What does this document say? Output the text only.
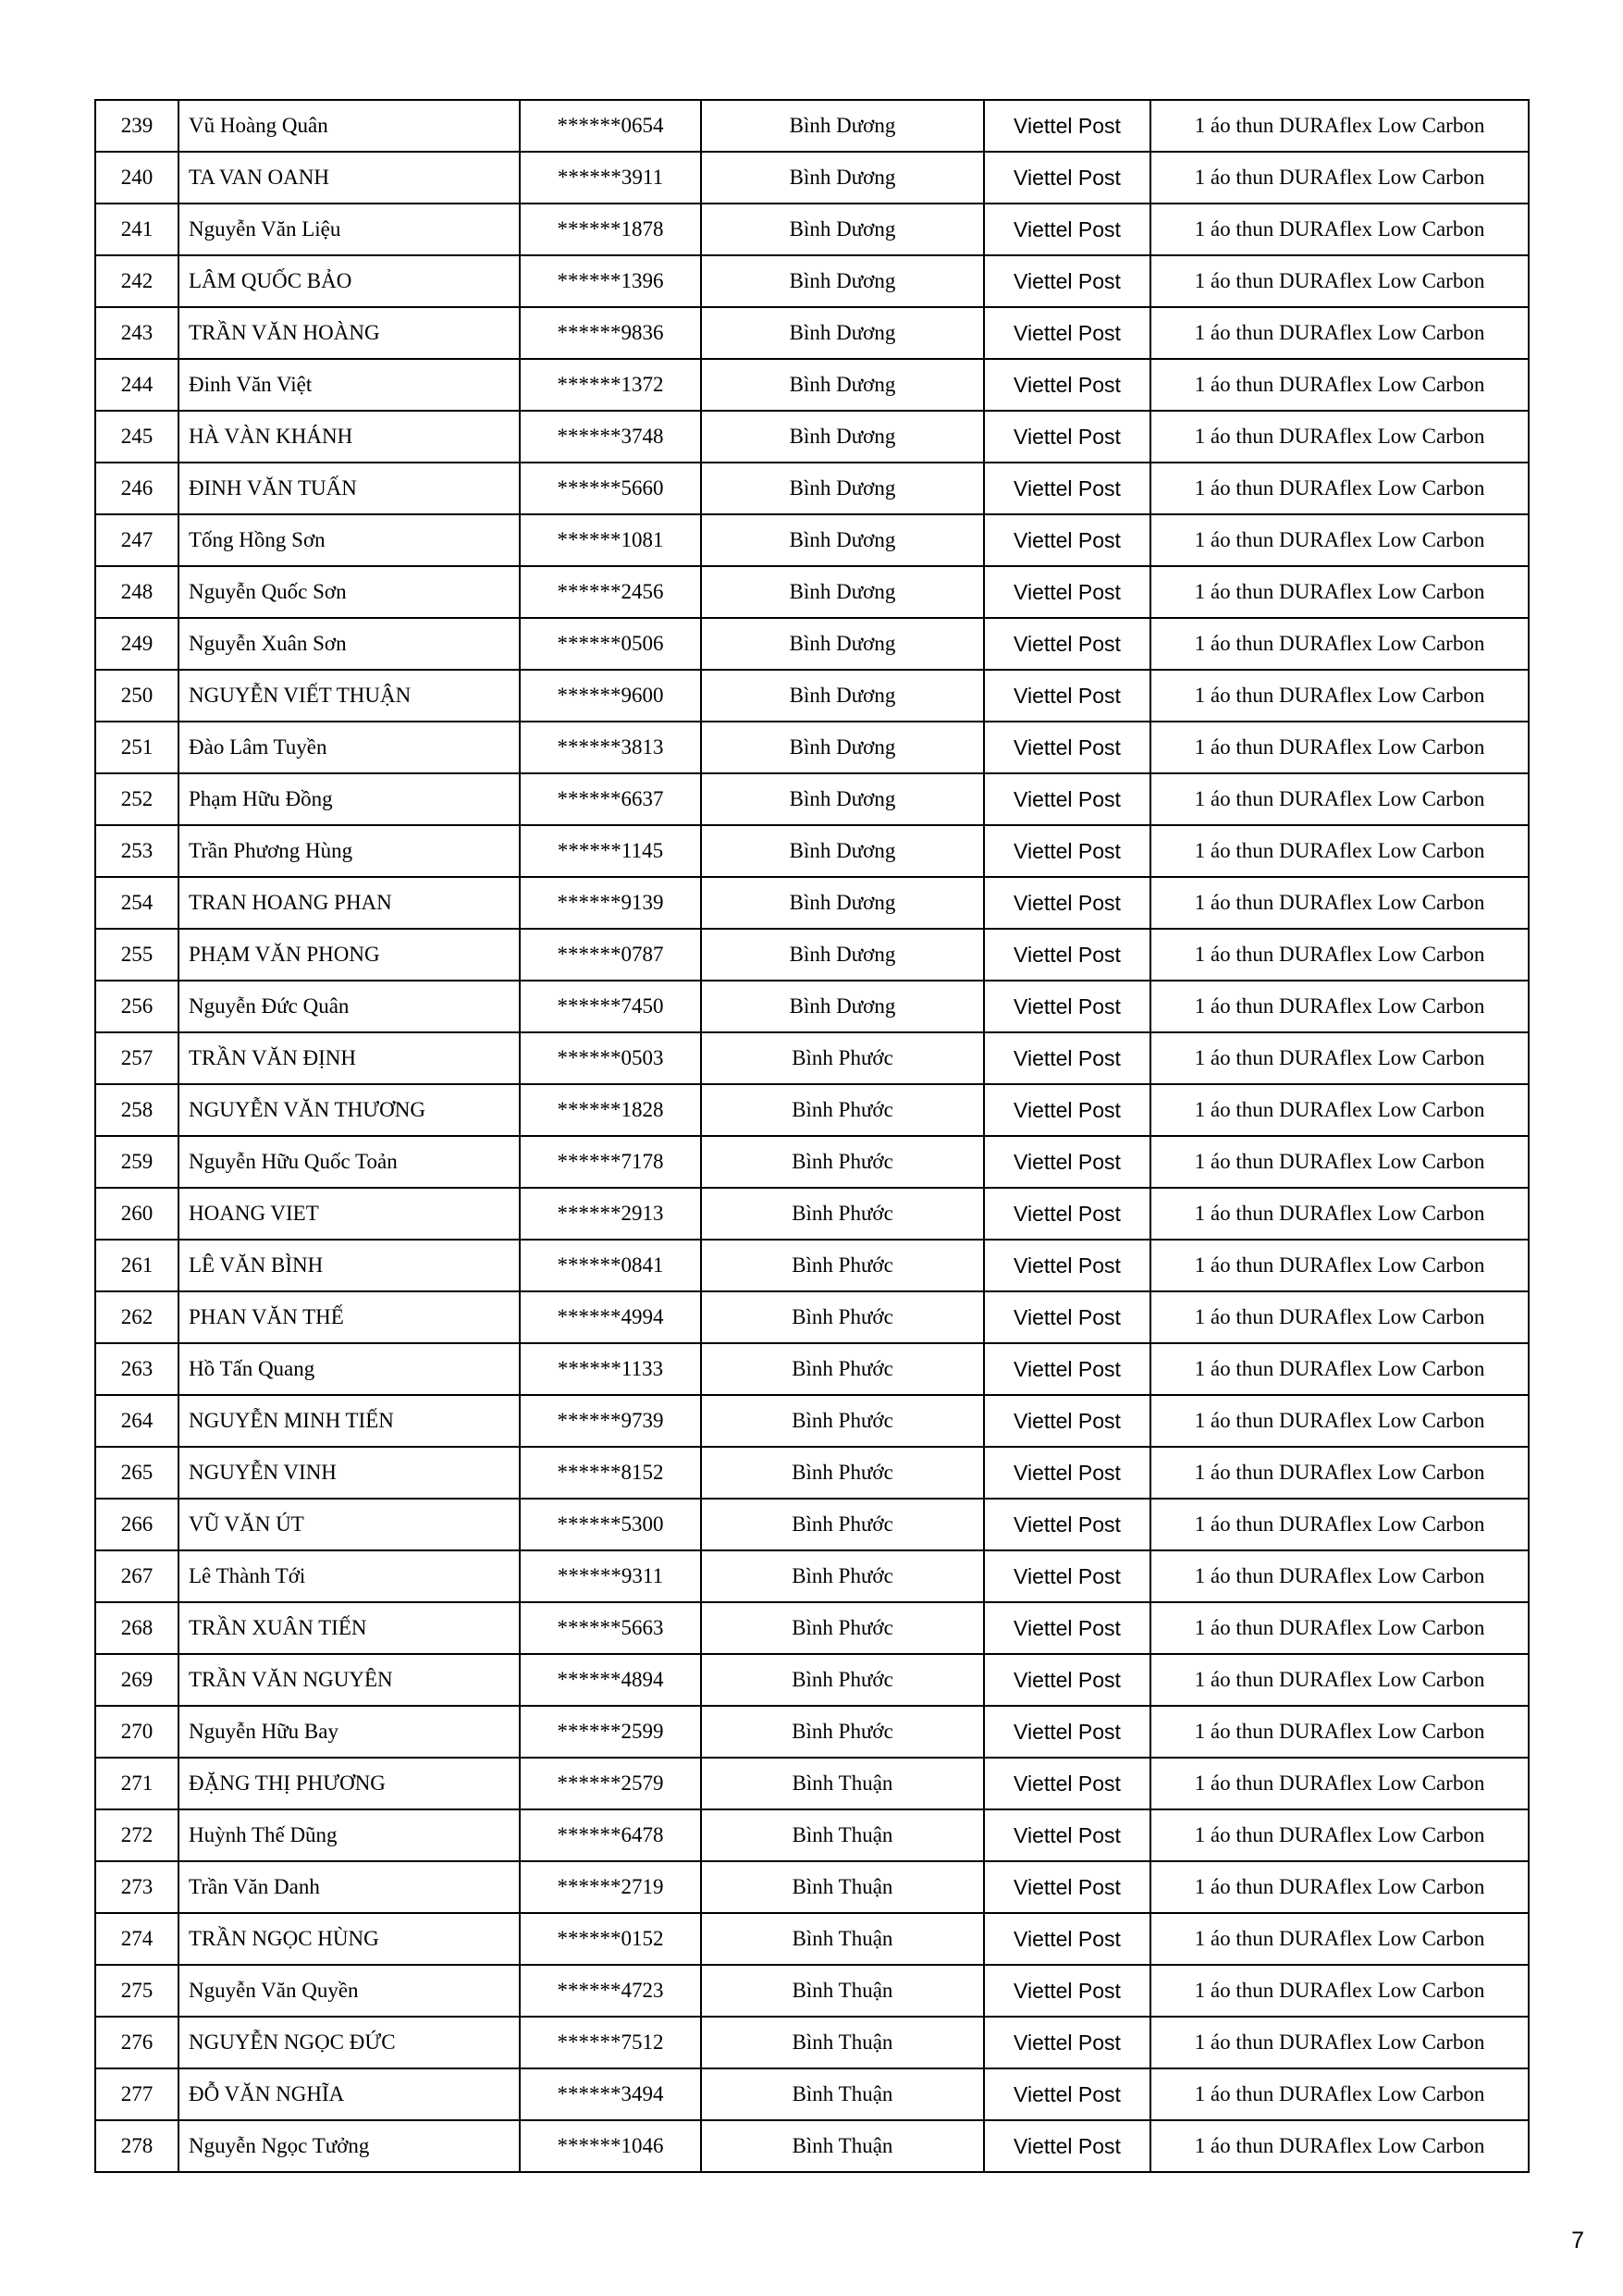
239	Vũ Hoàng Quân	******0654	Bình Dương	Viettel Post	1 áo thun DURAflex Low Carbon
240	TA VAN OANH	******3911	Bình Dương	Viettel Post	1 áo thun DURAflex Low Carbon
241	Nguyễn Văn Liệu	******1878	Bình Dương	Viettel Post	1 áo thun DURAflex Low Carbon
242	LÂM QUỐC BẢO	******1396	Bình Dương	Viettel Post	1 áo thun DURAflex Low Carbon
243	TRẦN VĂN HOÀNG	******9836	Bình Dương	Viettel Post	1 áo thun DURAflex Low Carbon
244	Đinh Văn Việt	******1372	Bình Dương	Viettel Post	1 áo thun DURAflex Low Carbon
245	HÀ VÀN KHÁNH	******3748	Bình Dương	Viettel Post	1 áo thun DURAflex Low Carbon
246	ĐINH VĂN TUẤN	******5660	Bình Dương	Viettel Post	1 áo thun DURAflex Low Carbon
247	Tống Hồng Sơn	******1081	Bình Dương	Viettel Post	1 áo thun DURAflex Low Carbon
248	Nguyễn Quốc Sơn	******2456	Bình Dương	Viettel Post	1 áo thun DURAflex Low Carbon
249	Nguyễn Xuân Sơn	******0506	Bình Dương	Viettel Post	1 áo thun DURAflex Low Carbon
250	NGUYỄN VIẾT THUẬN	******9600	Bình Dương	Viettel Post	1 áo thun DURAflex Low Carbon
251	Đào Lâm Tuyền	******3813	Bình Dương	Viettel Post	1 áo thun DURAflex Low Carbon
252	Phạm Hữu Đồng	******6637	Bình Dương	Viettel Post	1 áo thun DURAflex Low Carbon
253	Trần Phương Hùng	******1145	Bình Dương	Viettel Post	1 áo thun DURAflex Low Carbon
254	TRAN HOANG PHAN	******9139	Bình Dương	Viettel Post	1 áo thun DURAflex Low Carbon
255	PHẠM VĂN PHONG	******0787	Bình Dương	Viettel Post	1 áo thun DURAflex Low Carbon
256	Nguyễn Đức Quân	******7450	Bình Dương	Viettel Post	1 áo thun DURAflex Low Carbon
257	TRẦN VĂN ĐỊNH	******0503	Bình Phước	Viettel Post	1 áo thun DURAflex Low Carbon
258	NGUYỄN VĂN THƯƠNG	******1828	Bình Phước	Viettel Post	1 áo thun DURAflex Low Carbon
259	Nguyễn Hữu Quốc Toản	******7178	Bình Phước	Viettel Post	1 áo thun DURAflex Low Carbon
260	HOANG VIET	******2913	Bình Phước	Viettel Post	1 áo thun DURAflex Low Carbon
261	LÊ VĂN BÌNH	******0841	Bình Phước	Viettel Post	1 áo thun DURAflex Low Carbon
262	PHAN VĂN THẾ	******4994	Bình Phước	Viettel Post	1 áo thun DURAflex Low Carbon
263	Hồ Tấn Quang	******1133	Bình Phước	Viettel Post	1 áo thun DURAflex Low Carbon
264	NGUYỄN MINH TIẾN	******9739	Bình Phước	Viettel Post	1 áo thun DURAflex Low Carbon
265	NGUYỄN VINH	******8152	Bình Phước	Viettel Post	1 áo thun DURAflex Low Carbon
266	VŨ VĂN ÚT	******5300	Bình Phước	Viettel Post	1 áo thun DURAflex Low Carbon
267	Lê Thành Tới	******9311	Bình Phước	Viettel Post	1 áo thun DURAflex Low Carbon
268	TRẦN XUÂN TIẾN	******5663	Bình Phước	Viettel Post	1 áo thun DURAflex Low Carbon
269	TRẦN VĂN NGUYÊN	******4894	Bình Phước	Viettel Post	1 áo thun DURAflex Low Carbon
270	Nguyễn Hữu Bay	******2599	Bình Phước	Viettel Post	1 áo thun DURAflex Low Carbon
271	ĐẶNG THỊ PHƯƠNG	******2579	Bình Thuận	Viettel Post	1 áo thun DURAflex Low Carbon
272	Huỳnh Thế Dũng	******6478	Bình Thuận	Viettel Post	1 áo thun DURAflex Low Carbon
273	Trần Văn Danh	******2719	Bình Thuận	Viettel Post	1 áo thun DURAflex Low Carbon
274	TRẦN NGỌC HÙNG	******0152	Bình Thuận	Viettel Post	1 áo thun DURAflex Low Carbon
275	Nguyễn Văn Quyền	******4723	Bình Thuận	Viettel Post	1 áo thun DURAflex Low Carbon
276	NGUYỄN NGỌC ĐỨC	******7512	Bình Thuận	Viettel Post	1 áo thun DURAflex Low Carbon
277	ĐỖ VĂN NGHĨA	******3494	Bình Thuận	Viettel Post	1 áo thun DURAflex Low Carbon
278	Nguyễn Ngọc Tưởng	******1046	Bình Thuận	Viettel Post	1 áo thun DURAflex Low Carbon
7
